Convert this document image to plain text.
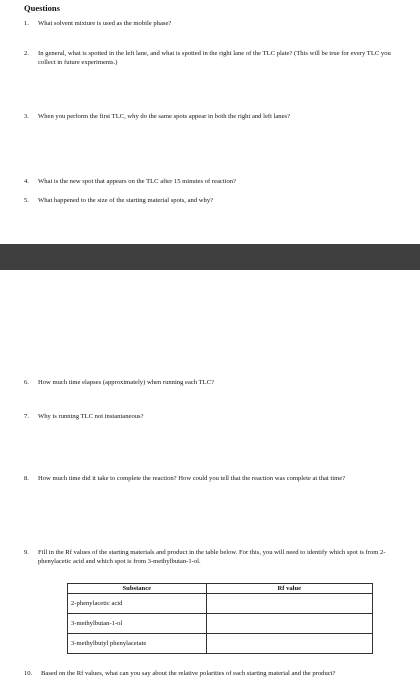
Questions
1.	What solvent mixture is used as the mobile phase?
2.	In general, what is spotted in the left lane, and what is spotted in the right lane of the TLC plate? (This will be true for every TLC you collect in future experiments.)
3.	When you perform the first TLC, why do the same spots appear in both the right and left lanes?
4.	What is the new spot that appears on the TLC after 15 minutes of reaction?
5.	What happened to the size of the starting material spots, and why?
6.	How much time elapses (approximately) when running each TLC?
7.	Why is running TLC not instantaneous?
8.	How much time did it take to complete the reaction? How could you tell that the reaction was complete at that time?
9.	Fill in the Rf values of the starting materials and product in the table below. For this, you will need to identify which spot is from 2-phenylacetic acid and which spot is from 3-methylbutan-1-ol.
Substance	Rf value
2-phenylacetic acid	
3-methylbutan-1-ol	
3-methylbutyl phenylacetate	
10.	Based on the Rf values, what can you say about the relative polarities of each starting material and the product?
